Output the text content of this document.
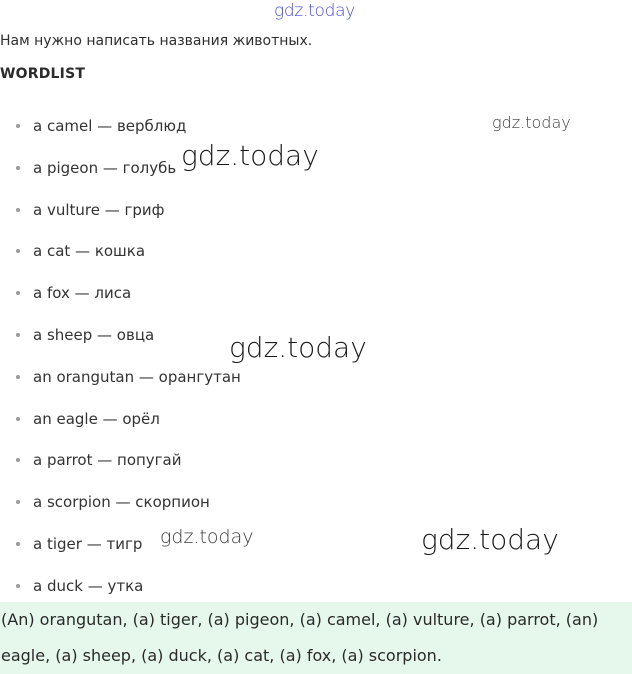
gdz.today
Нам нужно написать названия животных.
WORDLIST
a camel — верблюд
a pigeon — голубь
a vulture — гриф
a cat — кошка
a fox — лиса
a sheep — овца
an orangutan — орангутан
an eagle — орёл
a parrot — попугай
a scorpion — скорпион
a tiger — тигр
a duck — утка
(An) orangutan, (a) tiger, (a) pigeon, (a) camel, (a) vulture, (a) parrot, (an)
eagle, (a) sheep, (a) duck, (a) cat, (a) fox, (a) scorpion.
gdz.today
gdz.today
gdz.today
gdz.today	gdz.today
